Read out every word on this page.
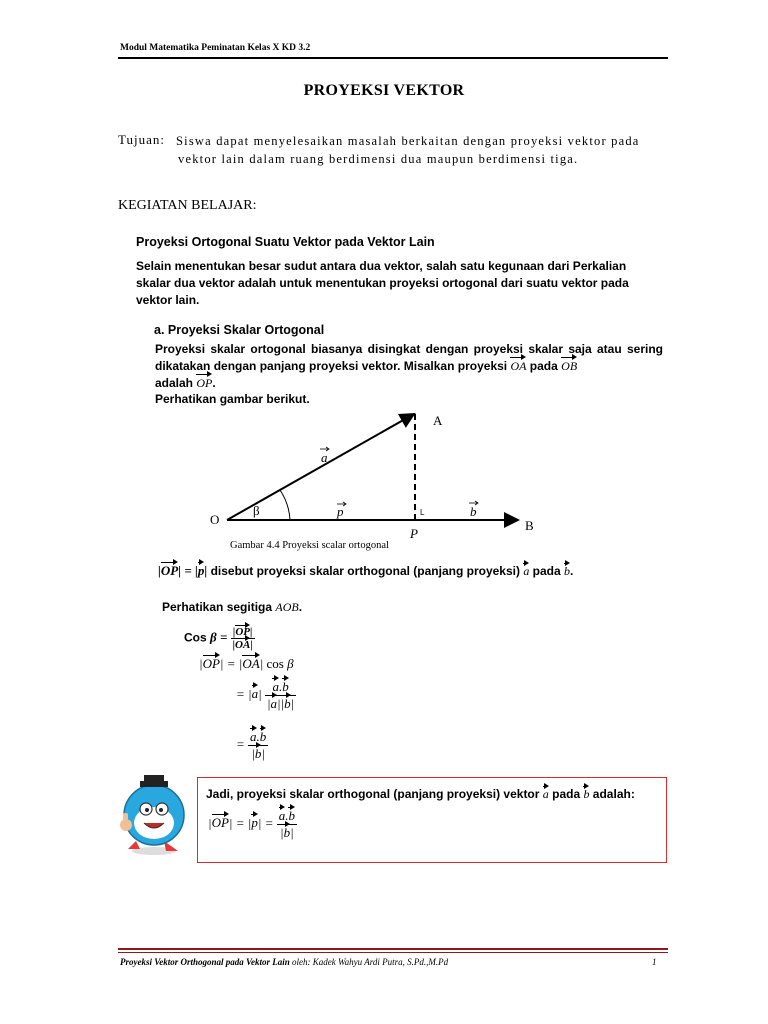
Modul Matematika Peminatan Kelas X KD 3.2
PROYEKSI VEKTOR
Tujuan: Siswa dapat menyelesaikan masalah berkaitan dengan proyeksi vektor pada
vektor lain dalam ruang berdimensi dua maupun berdimensi tiga.
KEGIATAN BELAJAR:
Proyeksi Ortogonal Suatu Vektor pada Vektor Lain
Selain menentukan besar sudut antara dua vektor, salah satu kegunaan dari Perkalian skalar dua vektor adalah untuk menentukan proyeksi ortogonal dari suatu vektor pada vektor lain.
a. Proyeksi Skalar Ortogonal
Proyeksi skalar ortogonal biasanya disingkat dengan proyeksi skalar saja atau sering dikatakan dengan panjang proyeksi vektor. Misalkan proyeksi OA pada OB
adalah OP.
Perhatikan gambar berikut.
A
O	B
P
β
a
p	b
L
Gambar 4.4 Proyeksi scalar ortogonal
|OP| = |p| disebut proyeksi skalar orthogonal (panjang proyeksi) a pada b.
Perhatikan segitiga AOB.
Cos $\beta = \frac{|OP|}{|OA|}$
|OP| = |OA| cos β
= $|a| \frac{a.b}{|a||b|}$
= $\frac{a.b}{|b|}$
Jadi, proyeksi skalar orthogonal (panjang proyeksi) vektor a pada b adalah:
$|OP| = |p| = \frac{a.b}{|b|}$
Proyeksi Vektor Orthogonal pada Vektor Lain oleh: Kadek Wahyu Ardi Putra, S.Pd.,M.Pd	1
